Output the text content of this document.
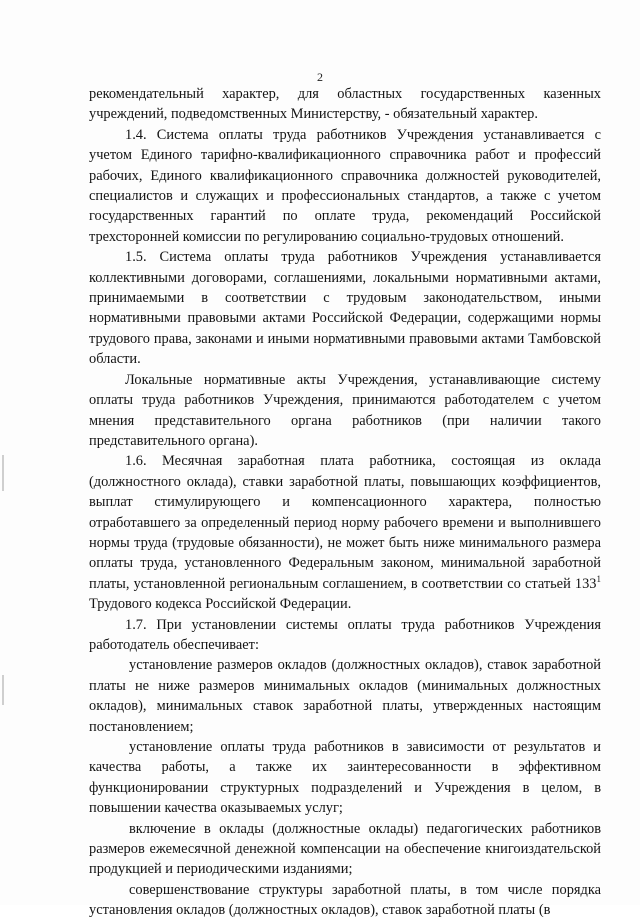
2

рекомендательный характер, для областных государственных казенных учреждений, подведомственных Министерству, - обязательный характер.

1.4. Система оплаты труда работников Учреждения устанавливается с учетом Единого тарифно-квалификационного справочника работ и профессий рабочих, Единого квалификационного справочника должностей руководителей, специалистов и служащих и профессиональных стандартов, а также с учетом государственных гарантий по оплате труда, рекомендаций Российской трехсторонней комиссии по регулированию социально-трудовых отношений.

1.5. Система оплаты труда работников Учреждения устанавливается коллективными договорами, соглашениями, локальными нормативными актами, принимаемыми в соответствии с трудовым законодательством, иными нормативными правовыми актами Российской Федерации, содержащими нормы трудового права, законами и иными нормативными правовыми актами Тамбовской области.

Локальные нормативные акты Учреждения, устанавливающие систему оплаты труда работников Учреждения, принимаются работодателем с учетом мнения представительного органа работников (при наличии такого представительного органа).

1.6. Месячная заработная плата работника, состоящая из оклада (должностного оклада), ставки заработной платы, повышающих коэффициентов, выплат стимулирующего и компенсационного характера, полностью отработавшего за определенный период норму рабочего времени и выполнившего нормы труда (трудовые обязанности), не может быть ниже минимального размера оплаты труда, установленного Федеральным законом, минимальной заработной платы, установленной региональным соглашением, в соответствии со статьей $133^1$ Трудового кодекса Российской Федерации.

1.7. При установлении системы оплаты труда работников Учреждения работодатель обеспечивает:

установление размеров окладов (должностных окладов), ставок заработной платы не ниже размеров минимальных окладов (минимальных должностных окладов), минимальных ставок заработной платы, утвержденных настоящим постановлением;

установление оплаты труда работников в зависимости от результатов и качества работы, а также их заинтересованности в эффективном функционировании структурных подразделений и Учреждения в целом, в повышении качества оказываемых услуг;

включение в оклады (должностные оклады) педагогических работников размеров ежемесячной денежной компенсации на обеспечение книгоиздательской продукцией и периодическими изданиями;

совершенствование структуры заработной платы, в том числе порядка установления окладов (должностных окладов), ставок заработной платы (в
